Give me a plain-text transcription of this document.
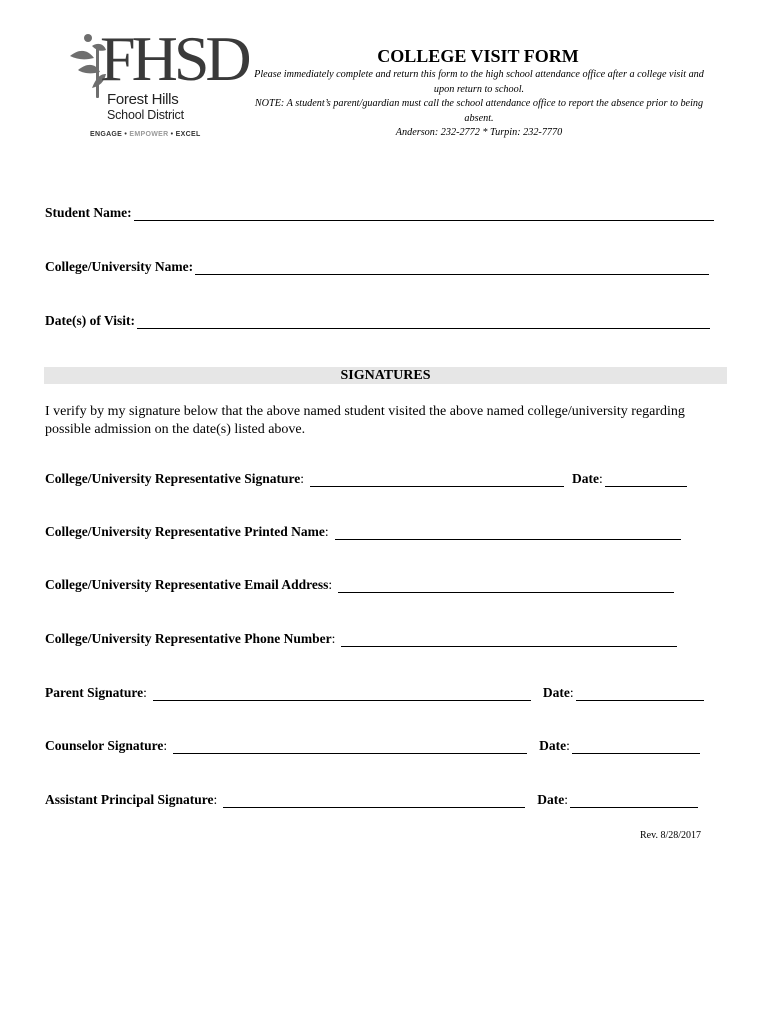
FHSD
Forest Hills
School District
ENGAGE • EMPOWER • EXCEL
COLLEGE VISIT FORM
Please immediately complete and return this form to the high school attendance office after a college visit and upon return to school.
NOTE: A student’s parent/guardian must call the school attendance office to report the absence prior to being absent.
Anderson: 232-2772 * Turpin: 232-7770
Student Name:
College/University Name:
Date(s) of Visit:
SIGNATURES
I verify by my signature below that the above named student visited the above named college/university regarding possible admission on the date(s) listed above.
College/University Representative Signature :	Date :
College/University Representative Printed Name :
College/University Representative Email Address :
College/University Representative Phone Number :
Parent Signature :	Date :
Counselor Signature :	Date :
Assistant Principal Signature :	Date :
Rev. 8/28/2017
